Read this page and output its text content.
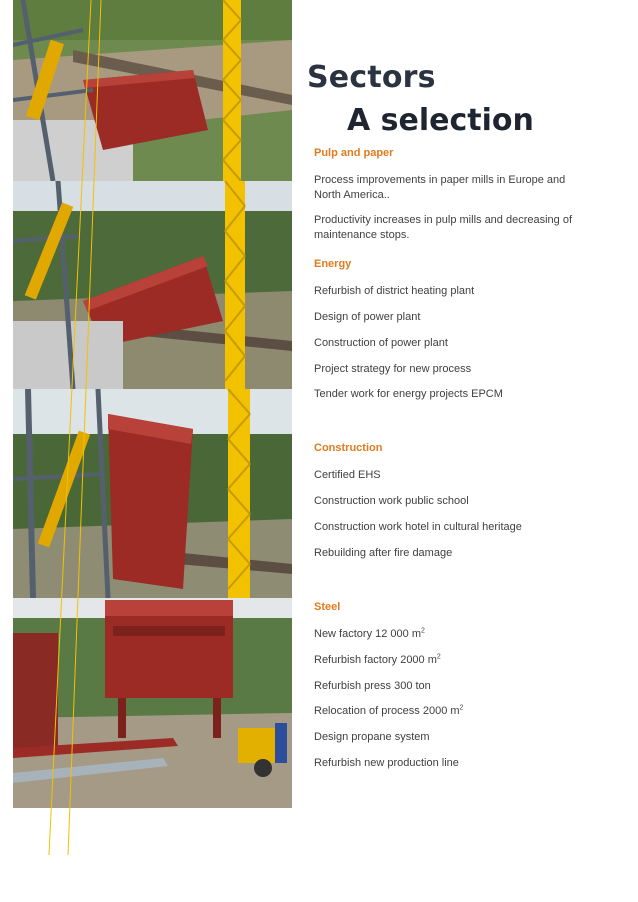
Sectors
A selection
Pulp and paper
Process improvements in paper mills in Europe and North America..
Productivity increases in pulp mills and decreasing of maintenance stops.
Energy
Refurbish of district heating plant
Design of power plant
Construction of power plant
Project strategy for new process
Tender work for energy projects EPCM
Construction
Certified EHS
Construction work public school
Construction work hotel in cultural heritage
Rebuilding after fire damage
Steel
New factory 12 000 $m^2$
Refurbish factory 2000 $m^2$
Refurbish press 300 ton
Relocation of process 2000 $m^2$
Design propane system
Refurbish new production line
